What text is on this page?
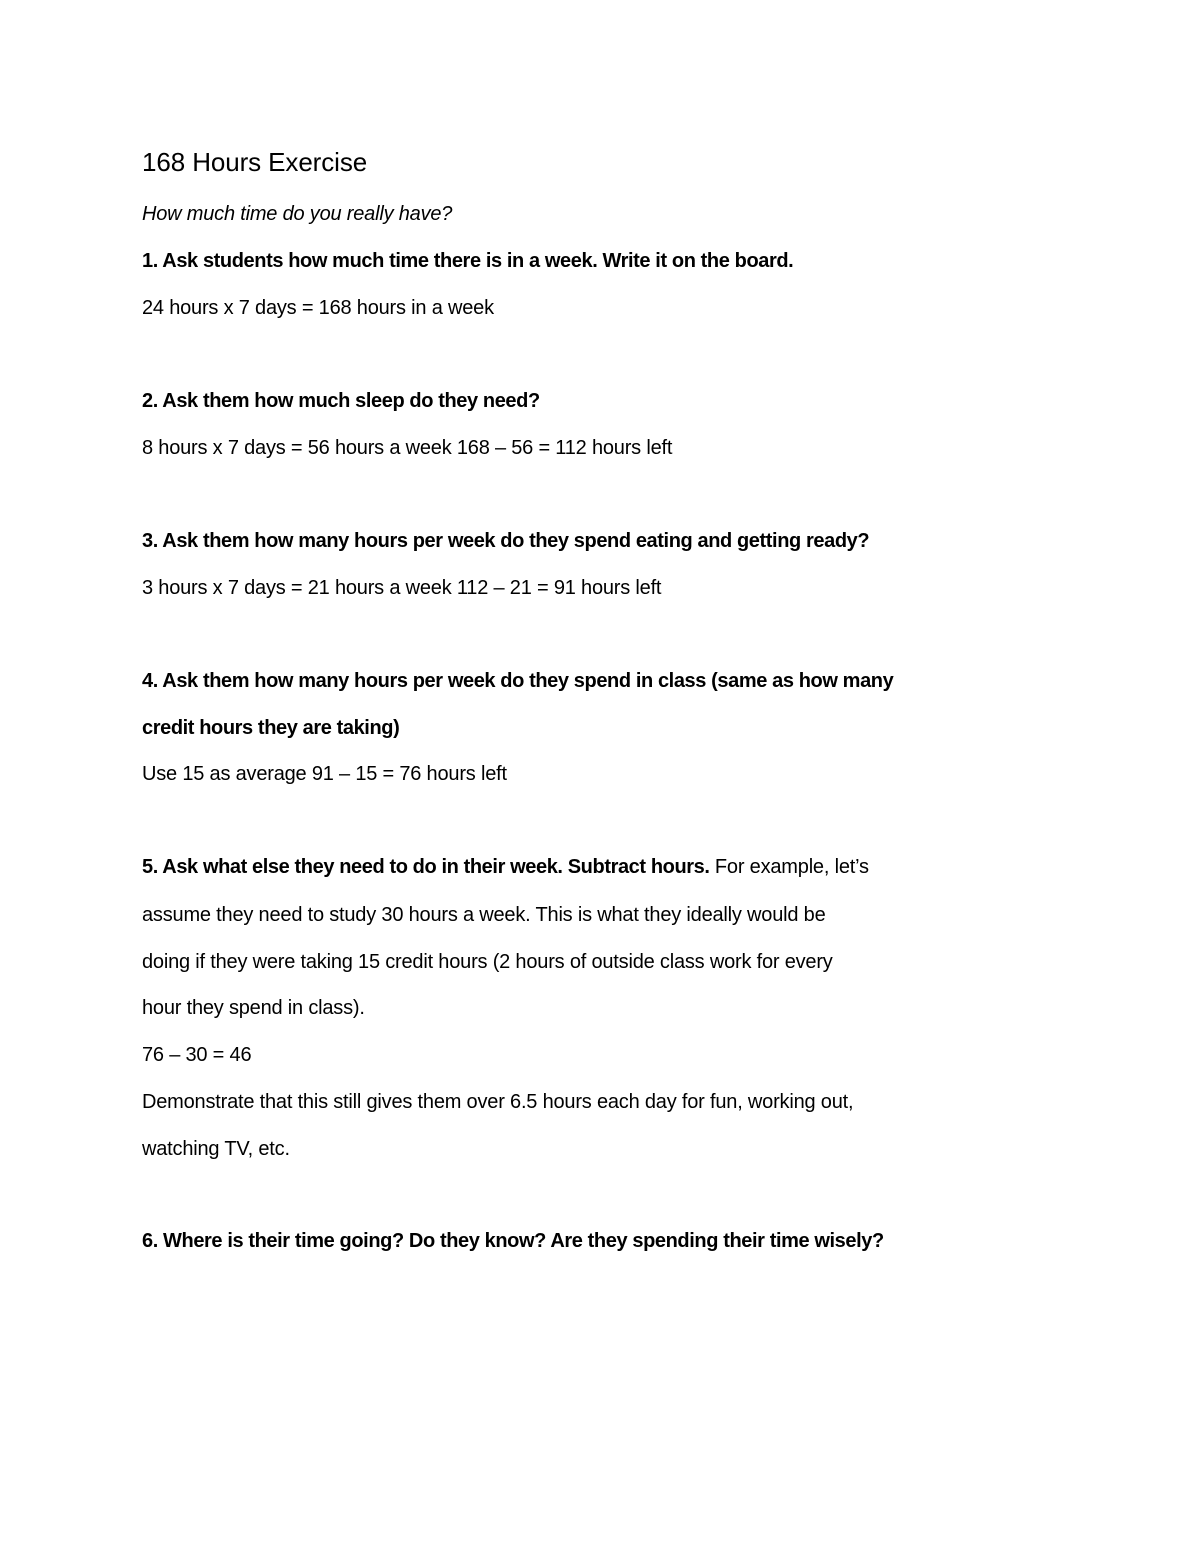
168 Hours Exercise
How much time do you really have?
1. Ask students how much time there is in a week. Write it on the board.
24 hours x 7 days = 168 hours in a week
2. Ask them how much sleep do they need?
8 hours x 7 days = 56 hours a week 168 – 56 = 112 hours left
3. Ask them how many hours per week do they spend eating and getting ready?
3 hours x 7 days = 21 hours a week 112 – 21 = 91 hours left
4. Ask them how many hours per week do they spend in class (same as how many
credit hours they are taking)
Use 15 as average 91 – 15 = 76 hours left
5. Ask what else they need to do in their week. Subtract hours. For example, let’s
assume they need to study 30 hours a week. This is what they ideally would be
doing if they were taking 15 credit hours (2 hours of outside class work for every
hour they spend in class).
76 – 30 = 46
Demonstrate that this still gives them over 6.5 hours each day for fun, working out,
watching TV, etc.
6. Where is their time going? Do they know? Are they spending their time wisely?
